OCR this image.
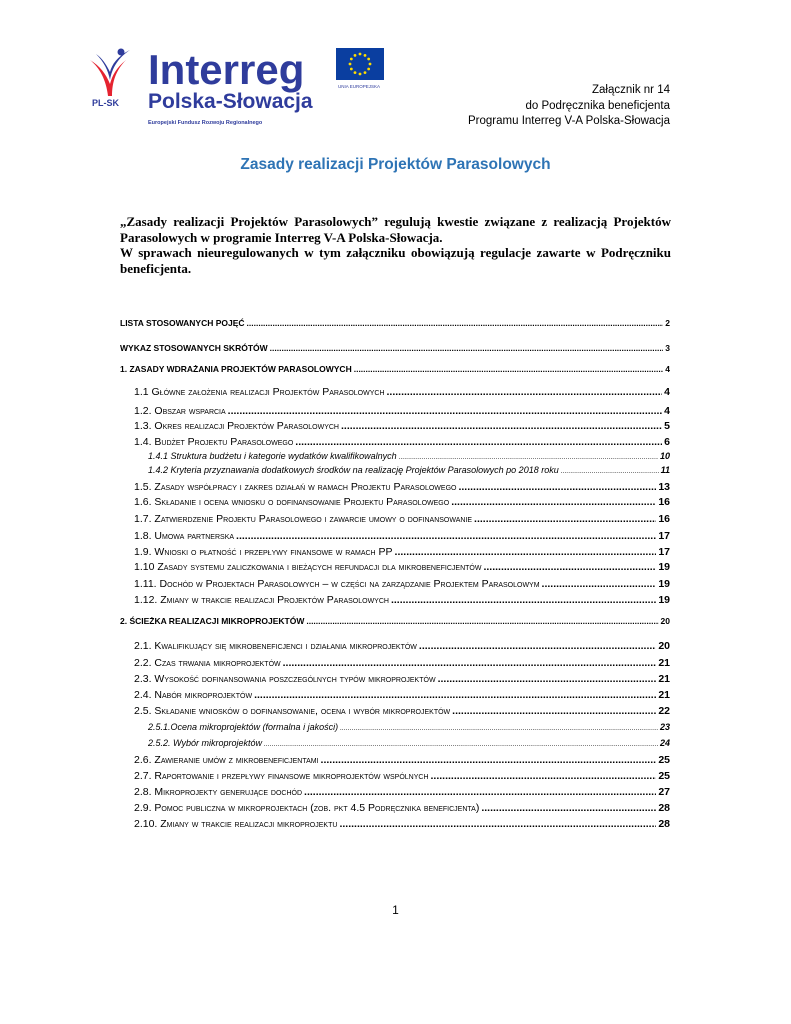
PL-SK
Interreg
Polska-Słowacja
Europejski Fundusz Rozwoju Regionalnego
UNIA EUROPEJSKA	Załącznik nr 14
do Podręcznika beneficjenta
Programu Interreg V-A Polska-Słowacja
Zasady realizacji Projektów Parasolowych

„Zasady realizacji Projektów Parasolowych” regulują kwestie związane z realizacją Projektów Parasolowych w programie Interreg V-A Polska-Słowacja.

W sprawach nieuregulowanych w tym załączniku obowiązują regulacje zawarte w Podręczniku beneficjenta.

LISTA STOSOWANYCH POJĘĆ .....	2
WYKAZ STOSOWANYCH SKRÓTÓW .....	3
1. ZASADY WDRAŻANIA PROJEKTÓW PARASOLOWYCH .....	4
1.1 Główne założenia realizacji Projektów Parasolowych .....	4
1.2. Obszar wsparcia .....	4
1.3. Okres realizacji Projektów Parasolowych .....	5
1.4. Budżet Projektu Parasolowego .....	6
1.4.1 Struktura budżetu i kategorie wydatków kwalifikowalnych .....	10
1.4.2 Kryteria przyznawania dodatkowych środków na realizację Projektów Parasolowych po 2018 roku .....	11
1.5. Zasady współpracy i zakres działań w ramach Projektu Parasolowego .....	13
1.6. Składanie i ocena wniosku o dofinansowanie Projektu Parasolowego .....	16
1.7. Zatwierdzenie Projektu Parasolowego i zawarcie umowy o dofinansowanie .....	16
1.8. Umowa partnerska .....	17
1.9. Wnioski o płatność i przepływy finansowe w ramach PP .....	17
1.10 Zasady systemu zaliczkowania i bieżących refundacji dla mikrobeneficjentów .....	19
1.11. Dochód w Projektach Parasolowych – w części na zarządzanie Projektem Parasolowym .....	19
1.12. Zmiany w trakcie realizacji Projektów Parasolowych .....	19
2. ŚCIEŻKA REALIZACJI MIKROPROJEKTÓW .....	20
2.1. Kwalifikujący się mikrobeneficjenci i działania mikroprojektów .....	20
2.2. Czas trwania mikroprojektów .....	21
2.3. Wysokość dofinansowania poszczególnych typów mikroprojektów .....	21
2.4. Nabór mikroprojektów .....	21
2.5. Składanie wniosków o dofinansowanie, ocena i wybór mikroprojektów .....	22
2.5.1.Ocena mikroprojektów (formalna i jakości) .....	23
2.5.2. Wybór mikroprojektów .....	24
2.6. Zawieranie umów z mikrobeneficjentami .....	25
2.7. Raportowanie i przepływy finansowe mikroprojektów wspólnych .....	25
2.8. Mikroprojekty generujące dochód .....	27
2.9. Pomoc publiczna w mikroprojektach (zob. pkt 4.5 Podręcznika beneficjenta) .....	28
2.10. Zmiany w trakcie realizacji mikroprojektu .....	28
1
